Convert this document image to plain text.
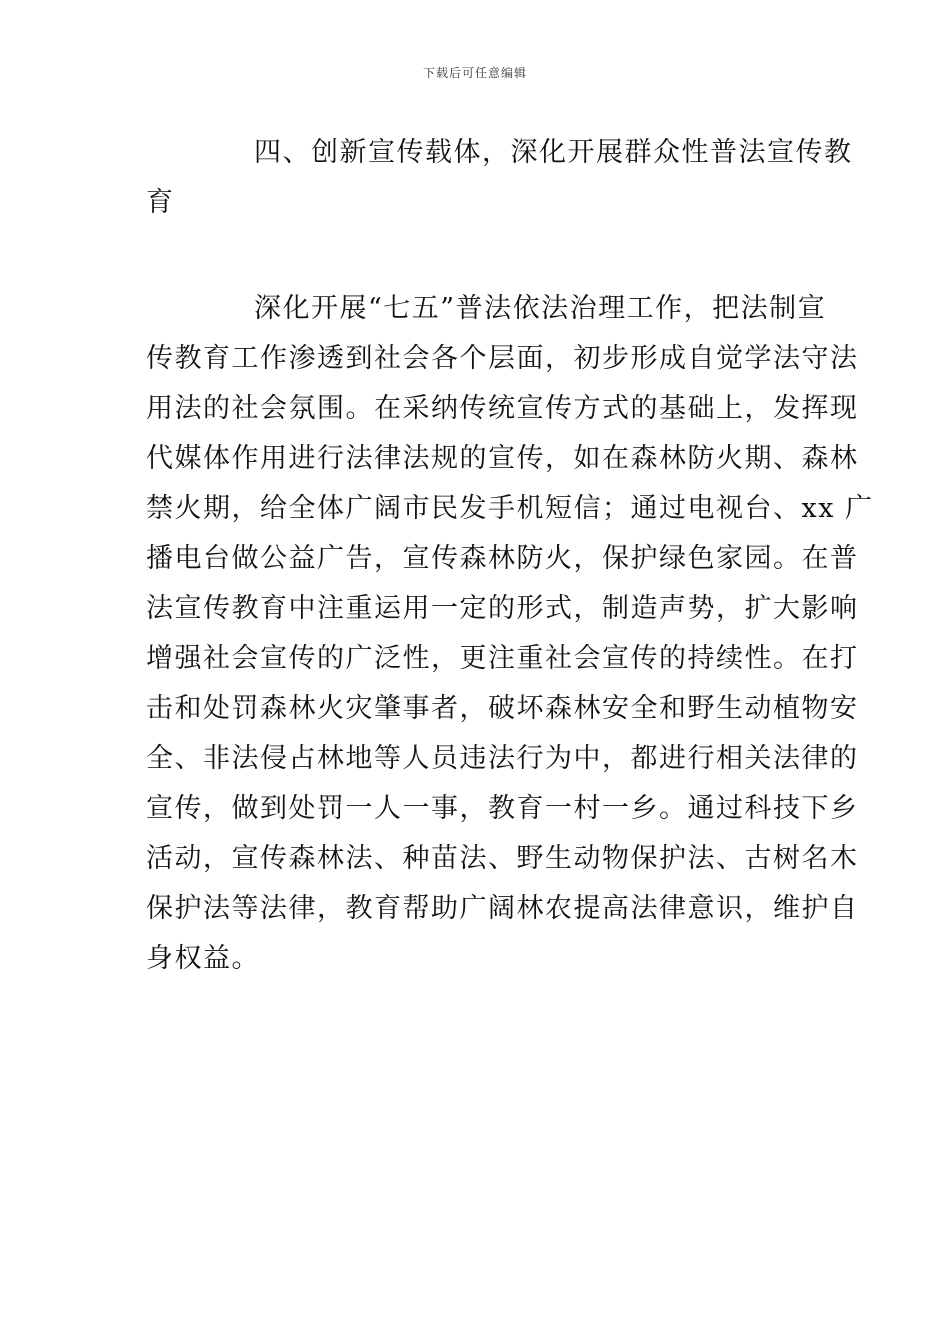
下载后可任意编辑
四、创新宣传载体，深化开展群众性普法宣传教
育
深化开展“七五”普法依法治理工作，把法制宣
传教育工作渗透到社会各个层面，初步形成自觉学法守法
用法的社会氛围。在采纳传统宣传方式的基础上，发挥现
代媒体作用进行法律法规的宣传，如在森林防火期、森林
禁火期，给全体广阔市民发手机短信；通过电视台、xx 广
播电台做公益广告，宣传森林防火，保护绿色家园。在普
法宣传教育中注重运用一定的形式，制造声势，扩大影响
增强社会宣传的广泛性，更注重社会宣传的持续性。在打
击和处罚森林火灾肇事者，破坏森林安全和野生动植物安
全、非法侵占林地等人员违法行为中，都进行相关法律的
宣传，做到处罚一人一事，教育一村一乡。通过科技下乡
活动，宣传森林法、种苗法、野生动物保护法、古树名木
保护法等法律，教育帮助广阔林农提高法律意识，维护自
身权益。
